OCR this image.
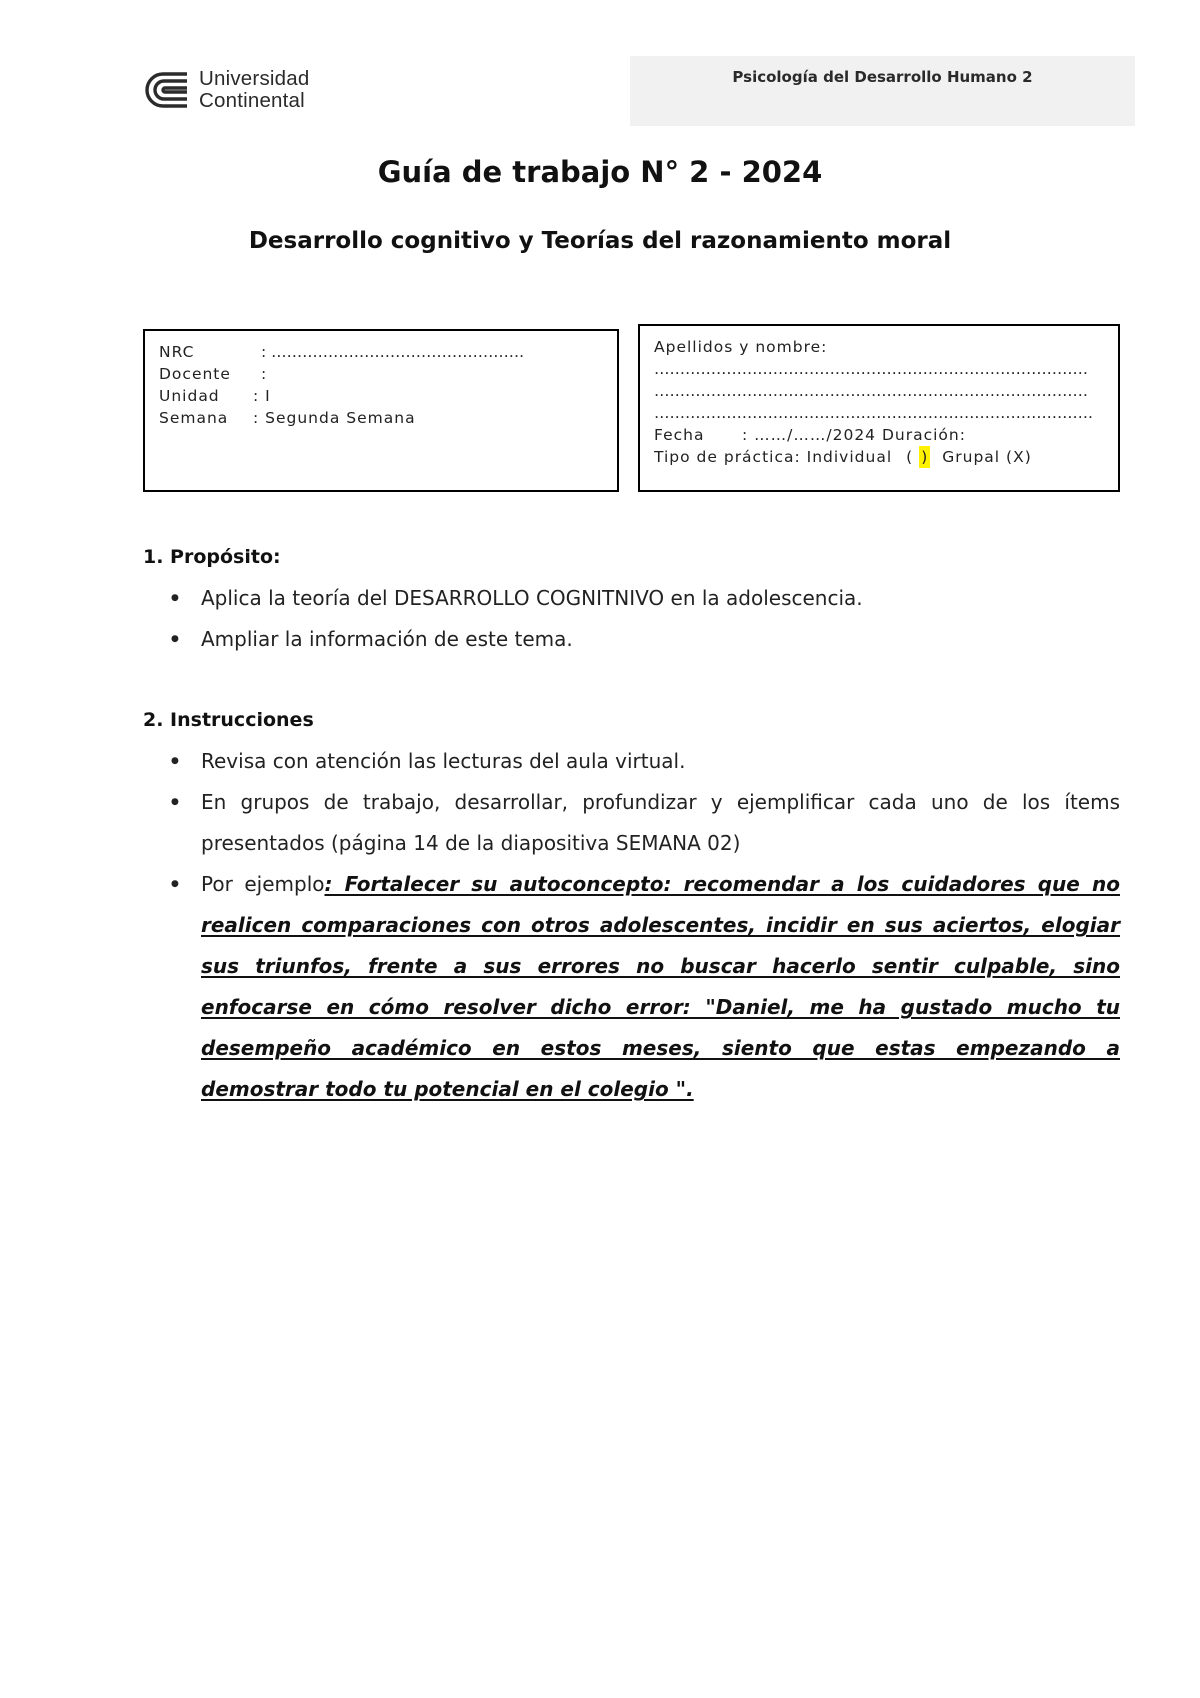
Universidad
Continental
Psicología del Desarrollo Humano 2
Guía de trabajo N° 2 - 2024
Desarrollo cognitivo y Teorías del razonamiento moral
NRC	: ………………………………………….
Docente	:
Unidad	: I
Semana	: Segunda Semana
Apellidos y nombre:
…………………………………………………………………………
…………………………………………………………………………
………………………………………………………………………….
Fecha	: ……/……/2024 Duración:
Tipo de práctica: Individual ( ) Grupal (X)
1. Propósito:
● Aplica la teoría del DESARROLLO COGNITNIVO en la adolescencia.
● Ampliar la información de este tema.
2. Instrucciones
● Revisa con atención las lecturas del aula virtual.
● En grupos de trabajo, desarrollar, profundizar y ejemplificar cada uno de los ítems presentados (página 14 de la diapositiva SEMANA 02)
● Por ejemplo: Fortalecer su autoconcepto: recomendar a los cuidadores que no realicen comparaciones con otros adolescentes, incidir en sus aciertos, elogiar sus triunfos, frente a sus errores no buscar hacerlo sentir culpable, sino enfocarse en cómo resolver dicho error: "Daniel, me ha gustado mucho tu desempeño académico en estos meses, siento que estas empezando a demostrar todo tu potencial en el colegio ".
